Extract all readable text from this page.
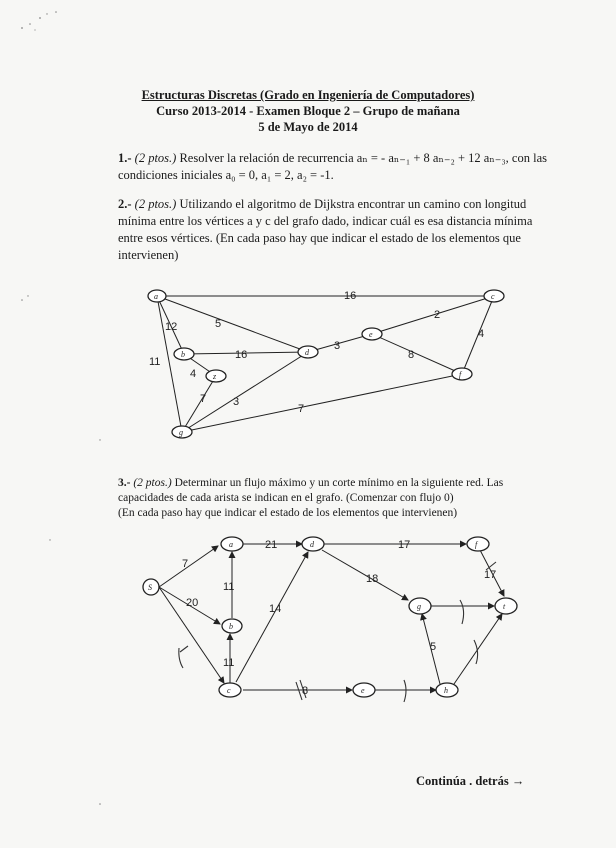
Estructuras Discretas (Grado en Ingeniería de Computadores)
Curso 2013-2014 - Examen Bloque 2 – Grupo de mañana
5 de Mayo de 2014
1.- (2 ptos.) Resolver la relación de recurrencia aₙ = - aₙ₋₁ + 8 aₙ₋₂ + 12 aₙ₋₃, con las condiciones iniciales a₀ = 0, a₁ = 2, a₂ = -1.
2.- (2 ptos.) Utilizando el algoritmo de Dijkstra encontrar un camino con longitud mínima entre los vértices a y c del grafo dado, indicar cuál es esa distancia mínima entre esos vértices. (En cada paso hay que indicar el estado de los elementos que intervienen)
3.- (2 ptos.) Determinar un flujo máximo y un corte mínimo en la siguiente red. Las capacidades de cada arista se indican en el grafo. (Comenzar con flujo 0)
(En cada paso hay que indicar el estado de los elementos que intervienen)
16
5
12
16
11
4
3
7 3
7
8
2
4
a
b
z
d
e
c
f
g
7
21	17
20
11
14
11
18
8
5
17
S
a
b
c
d
e
f
g
h
t
Continúa . detrás →
